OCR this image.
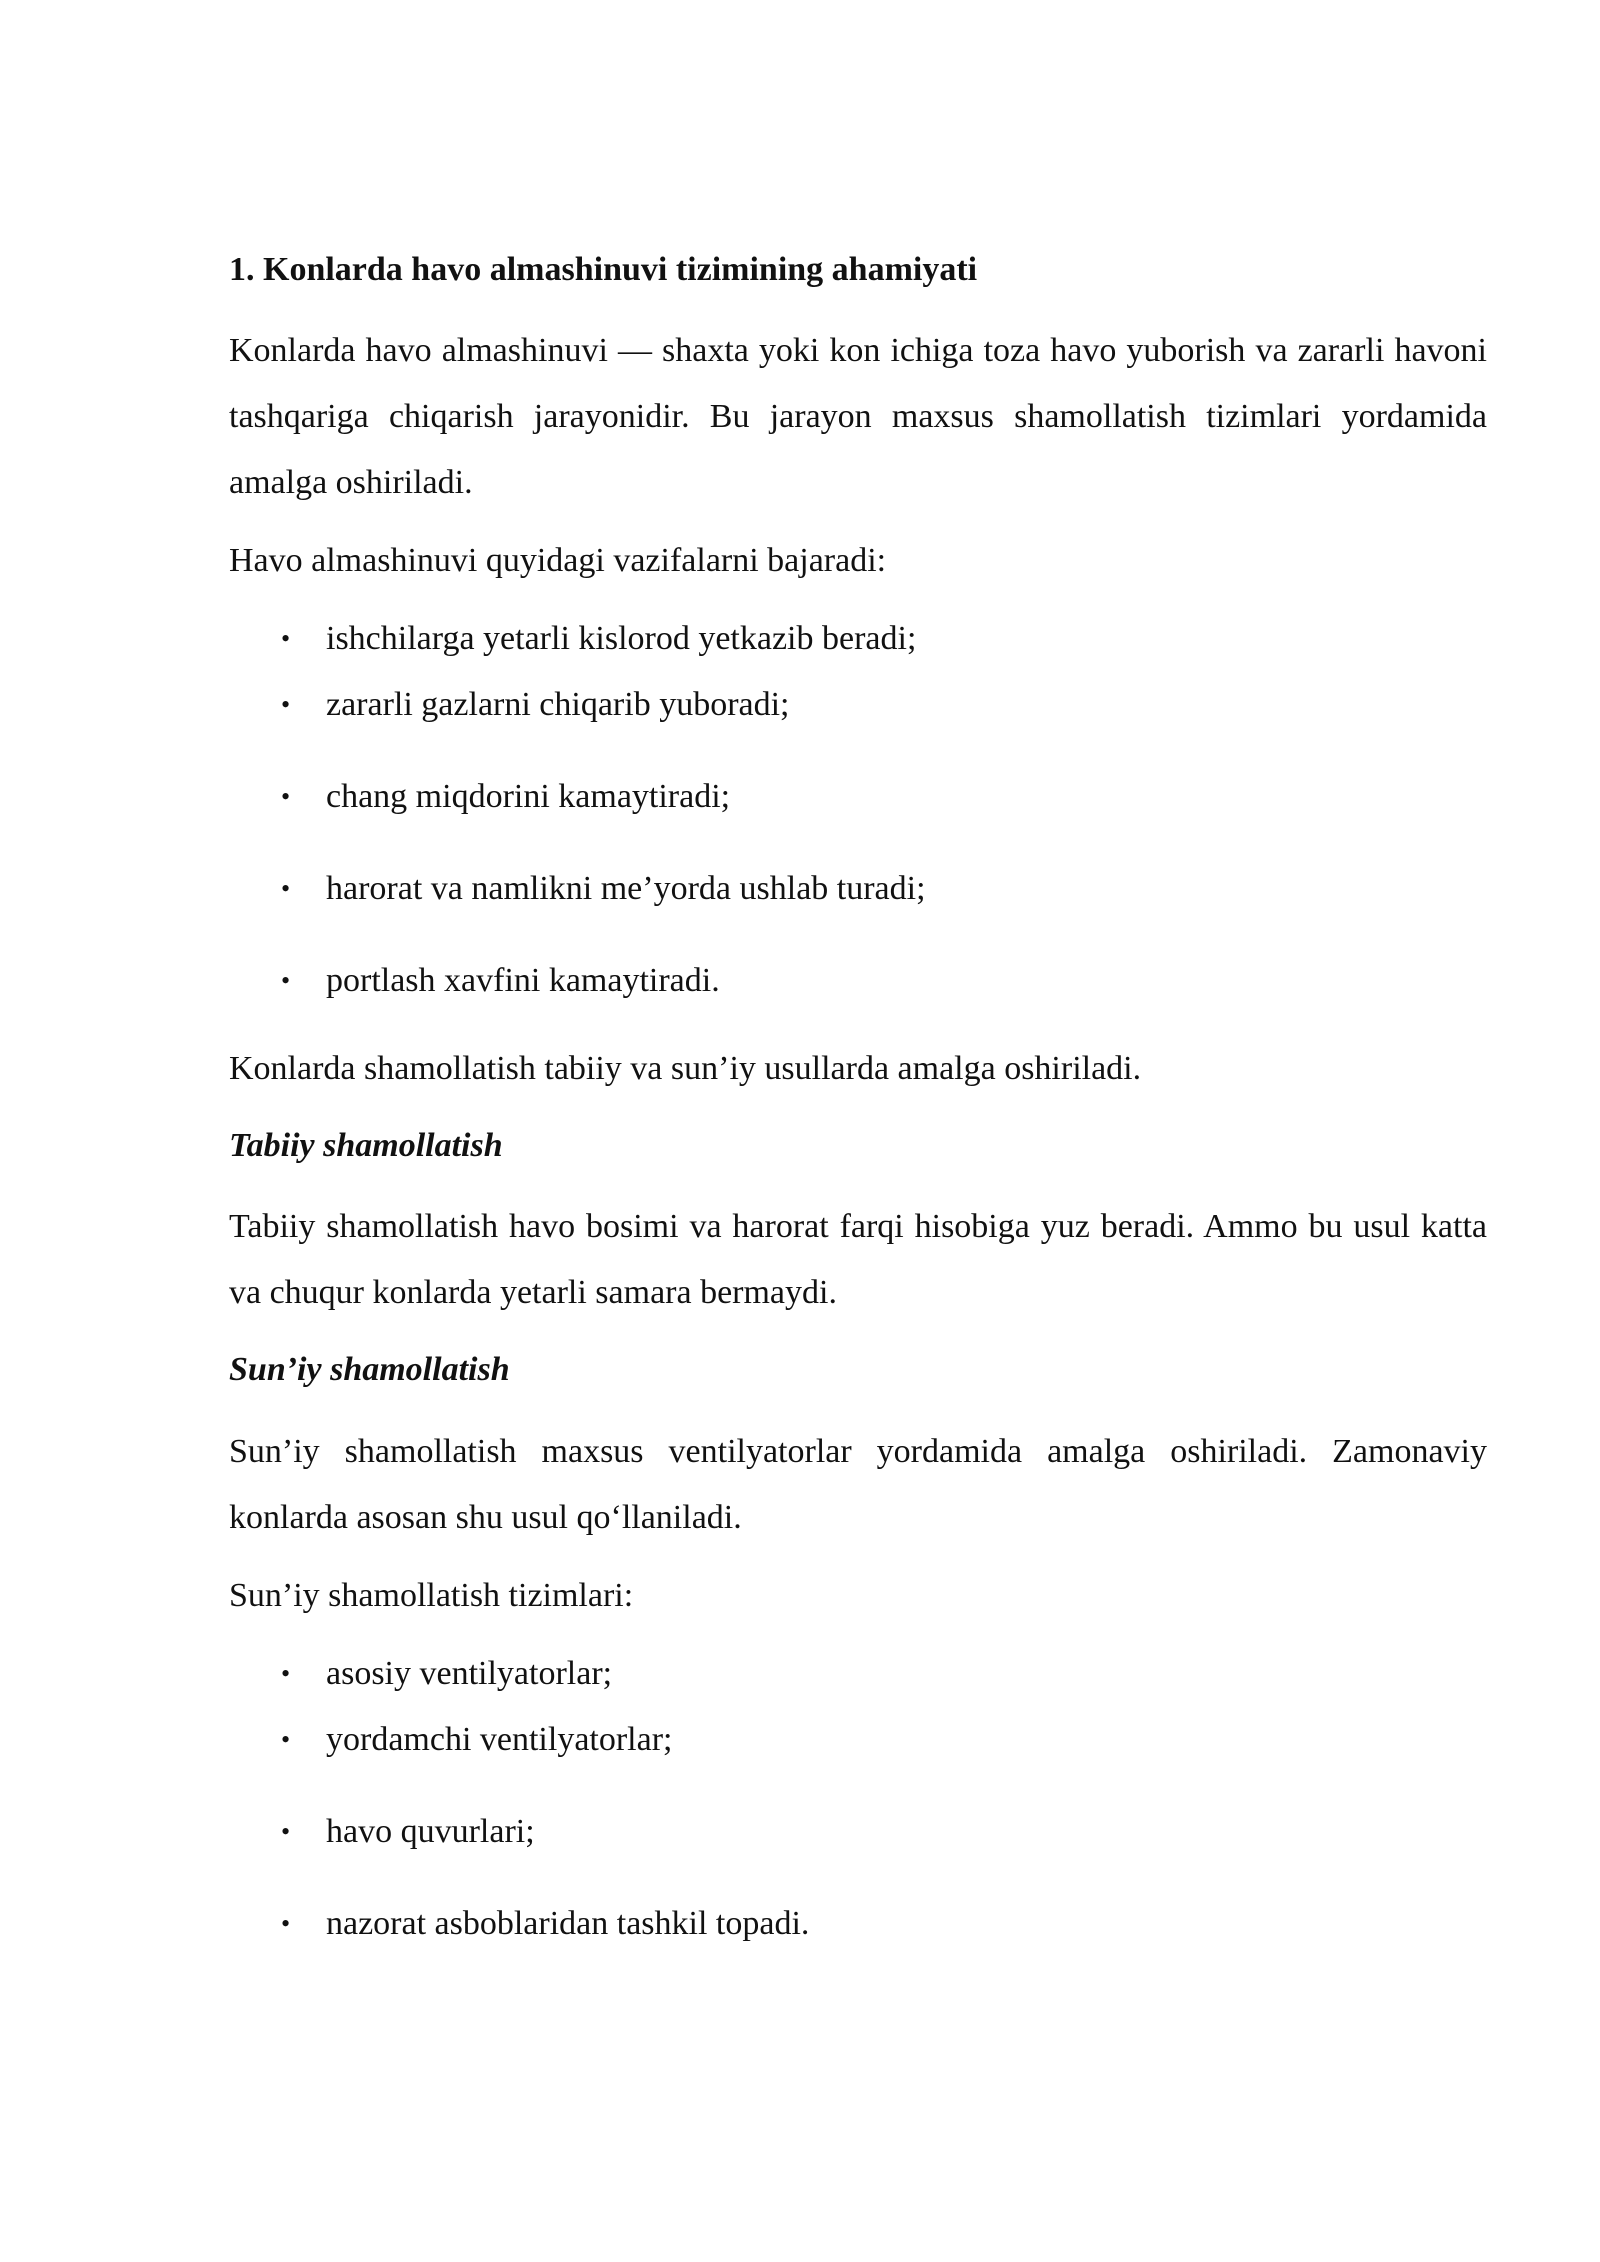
1. Konlarda havo almashinuvi tizimining ahamiyati

Konlarda havo almashinuvi — shaxta yoki kon ichiga toza havo yuborish va zararli havoni tashqariga chiqarish jarayonidir. Bu jarayon maxsus shamollatish tizimlari yordamida amalga oshiriladi.

Havo almashinuvi quyidagi vazifalarni bajaradi:

• ishchilarga yetarli kislorod yetkazib beradi;
• zararli gazlarni chiqarib yuboradi;
• chang miqdorini kamaytiradi;
• harorat va namlikni me’yorda ushlab turadi;
• portlash xavfini kamaytiradi.

Konlarda shamollatish tabiiy va sun’iy usullarda amalga oshiriladi.

Tabiiy shamollatish

Tabiiy shamollatish havo bosimi va harorat farqi hisobiga yuz beradi. Ammo bu usul katta va chuqur konlarda yetarli samara bermaydi.

Sun’iy shamollatish

Sun’iy shamollatish maxsus ventilyatorlar yordamida amalga oshiriladi. Zamonaviy konlarda asosan shu usul qo‘llaniladi.

Sun’iy shamollatish tizimlari:

• asosiy ventilyatorlar;
• yordamchi ventilyatorlar;
• havo quvurlari;
• nazorat asboblaridan tashkil topadi.
